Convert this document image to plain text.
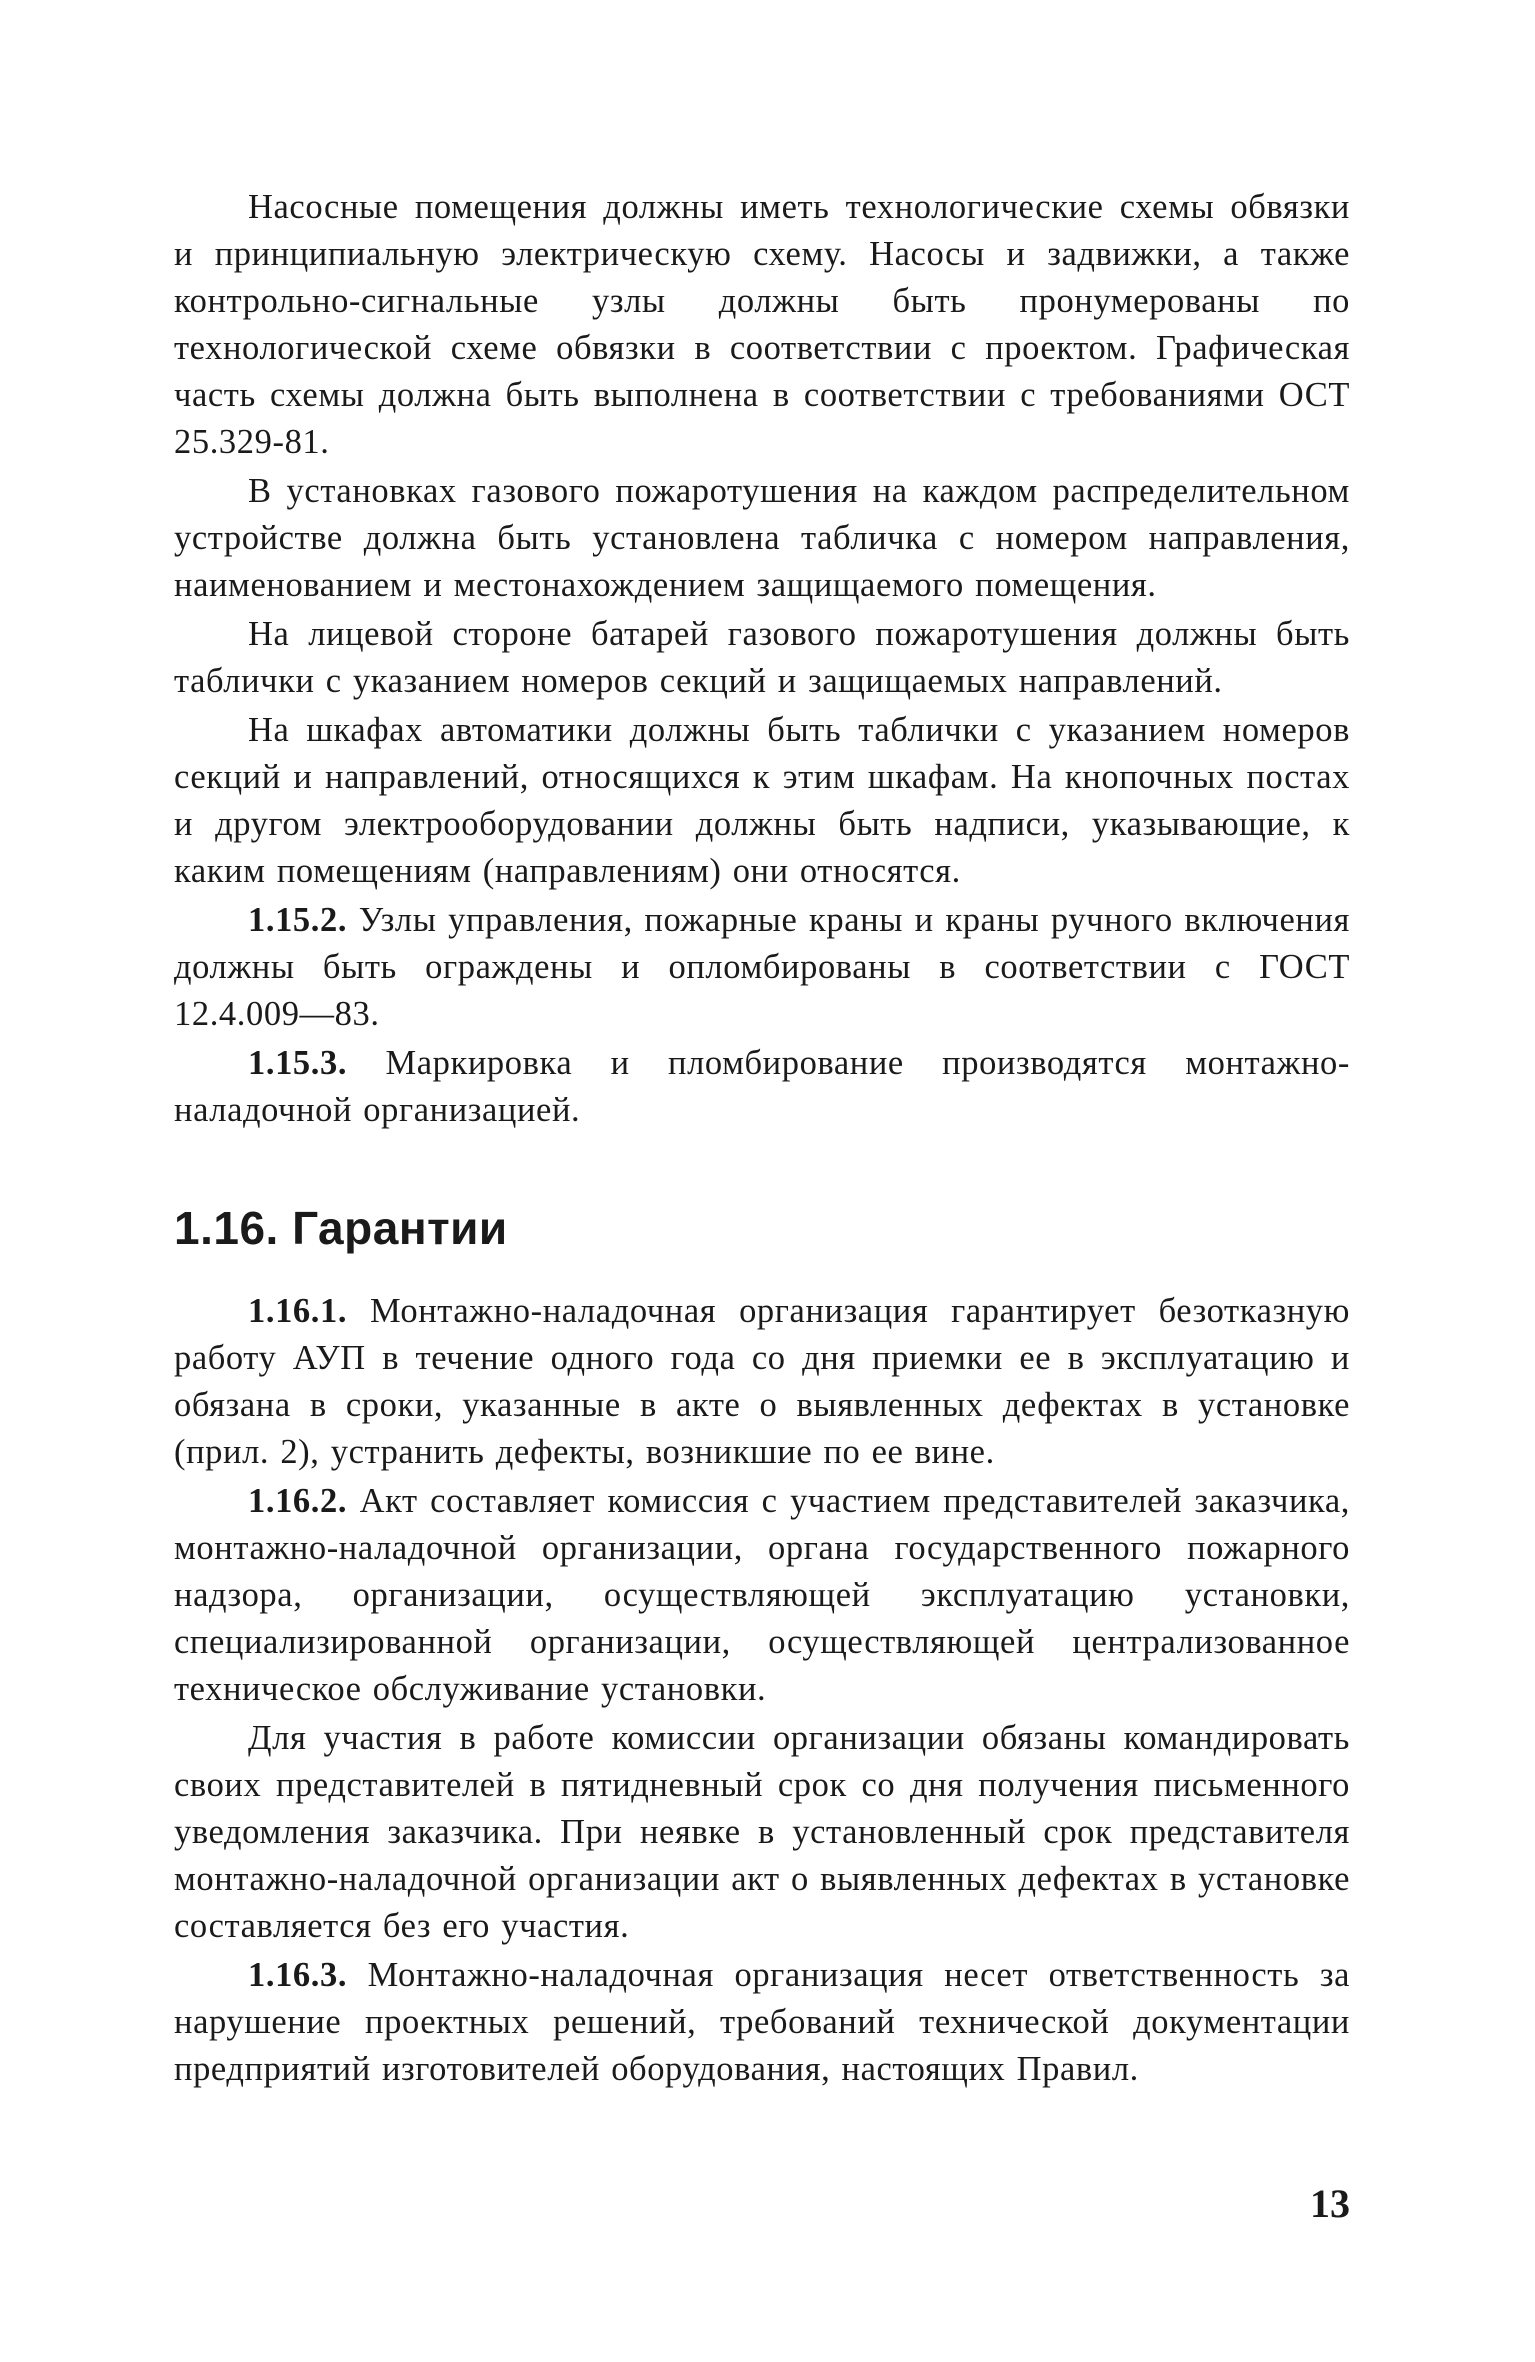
Насосные помещения должны иметь технологические схемы обвязки и принципиальную электрическую схему. Насосы и задвижки, а также контрольно-сигнальные узлы должны быть пронумерованы по технологической схеме обвязки в соответствии с проектом. Графическая часть схемы должна быть выполнена в соответствии с требованиями ОСТ 25.329-81.

В установках газового пожаротушения на каждом распределительном устройстве должна быть установлена табличка с номером направления, наименованием и местонахождением защищаемого помещения.

На лицевой стороне батарей газового пожаротушения должны быть таблички с указанием номеров секций и защищаемых направлений.

На шкафах автоматики должны быть таблички с указанием номеров секций и направлений, относящихся к этим шкафам. На кнопочных постах и другом электрооборудовании должны быть надписи, указывающие, к каким помещениям (направлениям) они относятся.

1.15.2. Узлы управления, пожарные краны и краны ручного включения должны быть ограждены и опломбированы в соответствии с ГОСТ 12.4.009—83.

1.15.3. Маркировка и пломбирование производятся монтажно-наладочной организацией.

1.16. Гарантии

1.16.1. Монтажно-наладочная организация гарантирует безотказную работу АУП в течение одного года со дня приемки ее в эксплуатацию и обязана в сроки, указанные в акте о выявленных дефектах в установке (прил. 2), устранить дефекты, возникшие по ее вине.

1.16.2. Акт составляет комиссия с участием представителей заказчика, монтажно-наладочной организации, органа государственного пожарного надзора, организации, осуществляющей эксплуатацию установки, специализированной организации, осуществляющей централизованное техническое обслуживание установки.

Для участия в работе комиссии организации обязаны командировать своих представителей в пятидневный срок со дня получения письменного уведомления заказчика. При неявке в установленный срок представителя монтажно-наладочной организации акт о выявленных дефектах в установке составляется без его участия.

1.16.3. Монтажно-наладочная организация несет ответственность за нарушение проектных решений, требований технической документации предприятий изготовителей оборудования, настоящих Правил.

13
